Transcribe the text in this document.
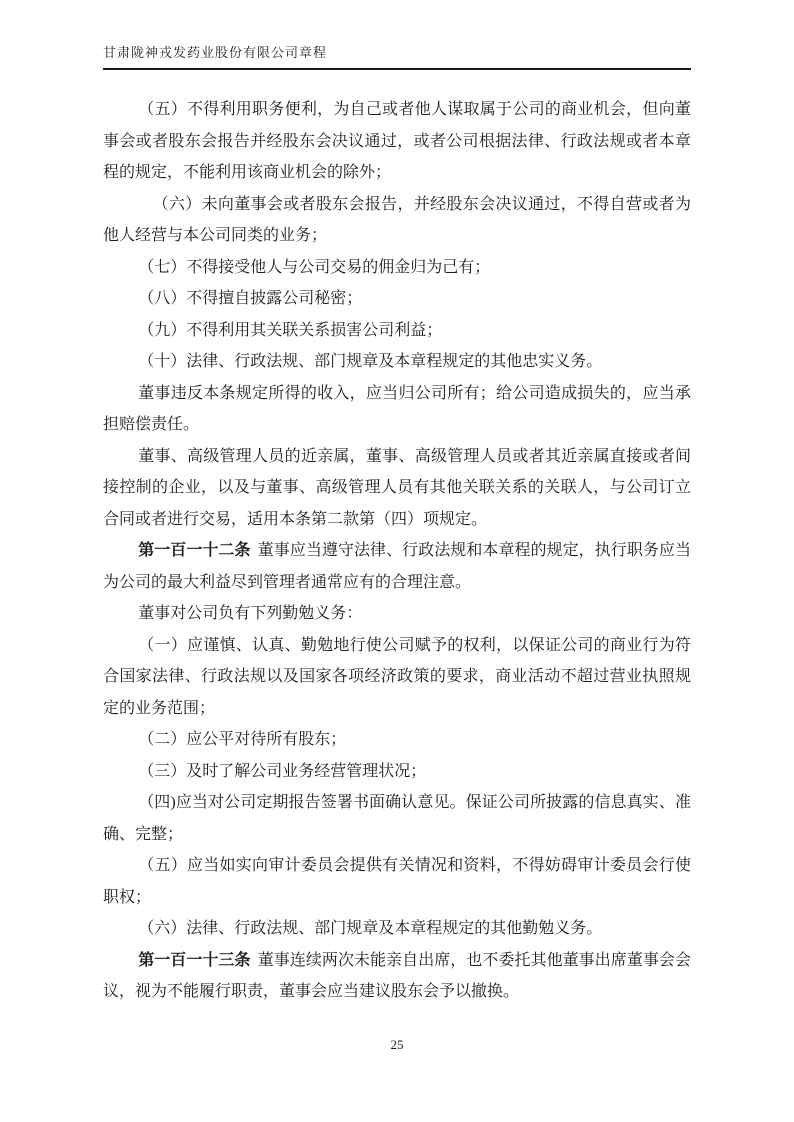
甘肃陇神戎发药业股份有限公司章程

（五）不得利用职务便利，为自己或者他人谋取属于公司的商业机会，但向董事会或者股东会报告并经股东会决议通过，或者公司根据法律、行政法规或者本章程的规定，不能利用该商业机会的除外；

（六）未向董事会或者股东会报告，并经股东会决议通过，不得自营或者为他人经营与本公司同类的业务；

（七）不得接受他人与公司交易的佣金归为己有；

（八）不得擅自披露公司秘密；

（九）不得利用其关联关系损害公司利益；

（十）法律、行政法规、部门规章及本章程规定的其他忠实义务。

董事违反本条规定所得的收入，应当归公司所有；给公司造成损失的，应当承担赔偿责任。

董事、高级管理人员的近亲属，董事、高级管理人员或者其近亲属直接或者间接控制的企业，以及与董事、高级管理人员有其他关联关系的关联人，与公司订立合同或者进行交易，适用本条第二款第（四）项规定。

第一百一十二条 董事应当遵守法律、行政法规和本章程的规定，执行职务应当为公司的最大利益尽到管理者通常应有的合理注意。

董事对公司负有下列勤勉义务：

（一）应谨慎、认真、勤勉地行使公司赋予的权利，以保证公司的商业行为符合国家法律、行政法规以及国家各项经济政策的要求，商业活动不超过营业执照规定的业务范围；

（二）应公平对待所有股东；

（三）及时了解公司业务经营管理状况；

（四)应当对公司定期报告签署书面确认意见。保证公司所披露的信息真实、准确、完整；

（五）应当如实向审计委员会提供有关情况和资料，不得妨碍审计委员会行使职权；

（六）法律、行政法规、部门规章及本章程规定的其他勤勉义务。

第一百一十三条 董事连续两次未能亲自出席，也不委托其他董事出席董事会会议，视为不能履行职责，董事会应当建议股东会予以撤换。

25
